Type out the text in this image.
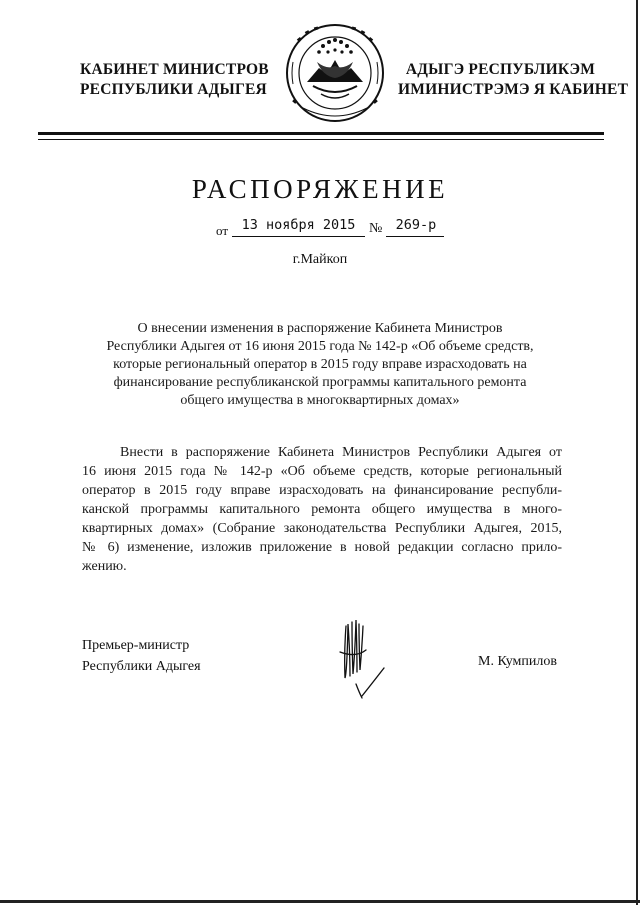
КАБИНЕТ МИНИСТРОВ
РЕСПУБЛИКИ АДЫГЕЯ
АДЫГЭ РЕСПУБЛИКЭМ
ИМИНИСТРЭМЭ Я КАБИНЕТ
РАСПОРЯЖЕНИЕ
от	13 ноября 2015 № 269-р
г.Майкоп
О внесении изменения в распоряжение Кабинета Министров
Республики Адыгея от 16 июня 2015 года № 142-р «Об объеме средств,
которые региональный оператор в 2015 году вправе израсходовать на
финансирование республиканской программы капитального ремонта
общего имущества в многоквартирных домах»
Внести в распоряжение Кабинета Министров Республики Адыгея от
16 июня 2015 года № 142-р «Об объеме средств, которые региональный
оператор в 2015 году вправе израсходовать на финансирование республи-
канской программы капитального ремонта общего имущества в много-
квартирных домах» (Собрание законодательства Республики Адыгея, 2015,
№ 6) изменение, изложив приложение в новой редакции согласно прило-
жению.
Премьер-министр
Республики Адыгея	М. Кумпилов
